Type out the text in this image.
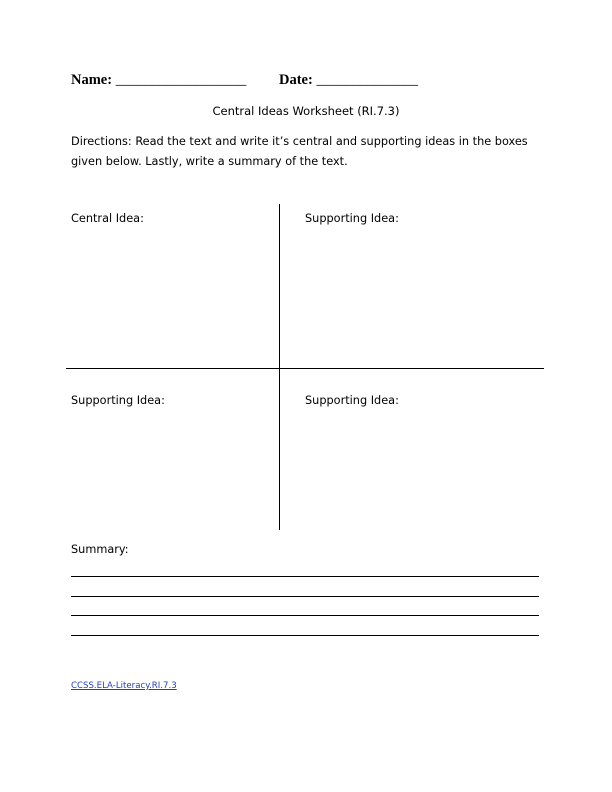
Name: __________________ Date: ______________
Central Ideas Worksheet (RI.7.3)
Directions: Read the text and write it’s central and supporting ideas in the boxes
given below. Lastly, write a summary of the text.
Central Idea:	Supporting Idea:
Supporting Idea:	Supporting Idea:
Summary:
CCSS.ELA-Literacy.RI.7.3
